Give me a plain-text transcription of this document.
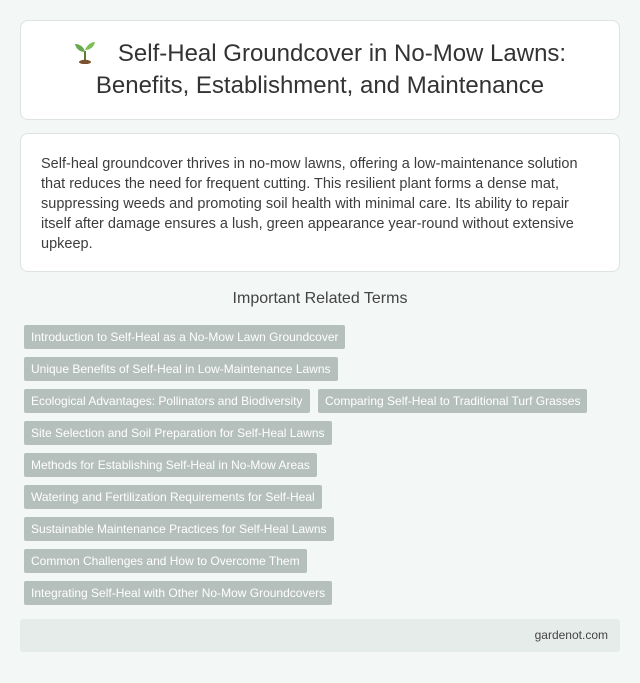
Self-Heal Groundcover in No-Mow Lawns:
Benefits, Establishment, and Maintenance

Self-heal groundcover thrives in no-mow lawns, offering a low-maintenance solution that reduces the need for frequent cutting. This resilient plant forms a dense mat, suppressing weeds and promoting soil health with minimal care. Its ability to repair itself after damage ensures a lush, green appearance year-round without extensive upkeep.

Important Related Terms
Introduction to Self-Heal as a No-Mow Lawn Groundcover
Unique Benefits of Self-Heal in Low-Maintenance Lawns
Ecological Advantages: Pollinators and Biodiversity	Comparing Self-Heal to Traditional Turf Grasses
Site Selection and Soil Preparation for Self-Heal Lawns
Methods for Establishing Self-Heal in No-Mow Areas
Watering and Fertilization Requirements for Self-Heal
Sustainable Maintenance Practices for Self-Heal Lawns
Common Challenges and How to Overcome Them
Integrating Self-Heal with Other No-Mow Groundcovers
gardenot.com
